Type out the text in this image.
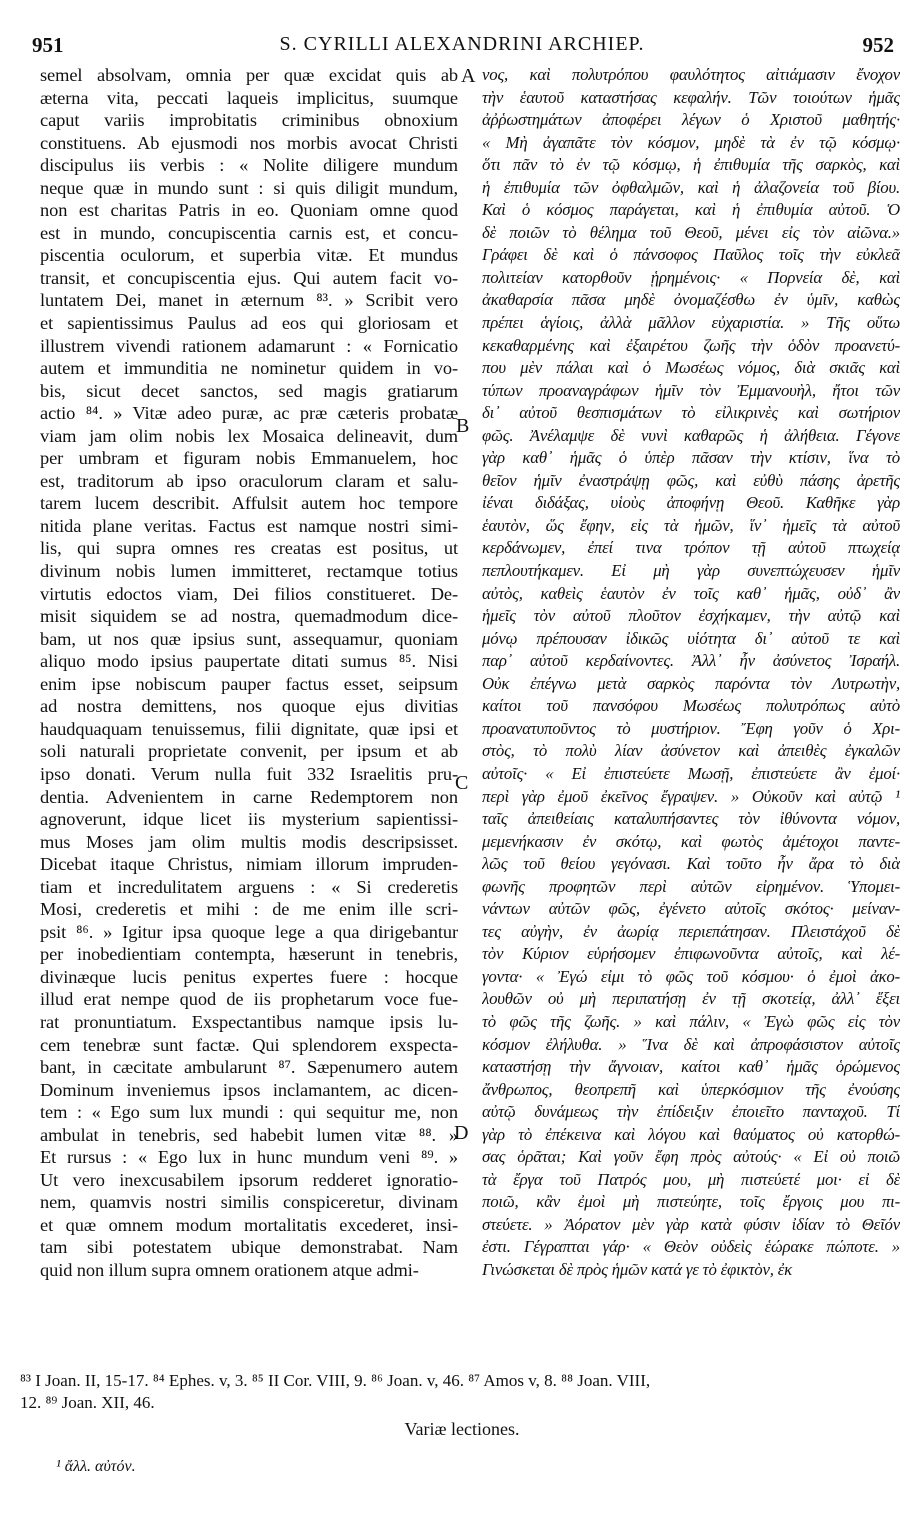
951	S. CYRILLI ALEXANDRINI ARCHIEP.	952
semel absolvam, omnia per quæ excidat quis ab
æterna vita, peccati laqueis implicitus, suumque
caput variis improbitatis criminibus obnoxium
constituens. Ab ejusmodi nos morbis avocat Christi
discipulus iis verbis : « Nolite diligere mundum
neque quæ in mundo sunt : si quis diligit mundum,
non est charitas Patris in eo. Quoniam omne quod
est in mundo, concupiscentia carnis est, et concu-
piscentia oculorum, et superbia vitæ. Et mundus
transit, et concupiscentia ejus. Qui autem facit vo-
luntatem Dei, manet in æternum ⁸³. » Scribit vero
et sapientissimus Paulus ad eos qui gloriosam et
illustrem vivendi rationem adamarunt : « Fornicatio
autem et immunditia ne nominetur quidem in vo-
bis, sicut decet sanctos, sed magis gratiarum
actio ⁸⁴. » Vitæ adeo puræ, ac præ cæteris probatæ
viam jam olim nobis lex Mosaica delineavit, dum
per umbram et figuram nobis Emmanuelem, hoc
est, traditorum ab ipso oraculorum claram et salu-
tarem lucem describit. Affulsit autem hoc tempore
nitida plane veritas. Factus est namque nostri simi-
lis, qui supra omnes res creatas est positus, ut
divinum nobis lumen immitteret, rectamque totius
virtutis edoctos viam, Dei filios constitueret. De-
misit siquidem se ad nostra, quemadmodum dice-
bam, ut nos quæ ipsius sunt, assequamur, quoniam
aliquo modo ipsius paupertate ditati sumus ⁸⁵. Nisi
enim ipse nobiscum pauper factus esset, seipsum
ad nostra demittens, nos quoque ejus divitias
haudquaquam tenuissemus, filii dignitate, quæ ipsi et
soli naturali proprietate convenit, per ipsum et ab
ipso donati. Verum nulla fuit 332 Israelitis pru-
dentia. Advenientem in carne Redemptorem non
agnoverunt, idque licet iis mysterium sapientissi-
mus Moses jam olim multis modis descripsisset.
Dicebat itaque Christus, nimiam illorum impruden-
tiam et incredulitatem arguens : « Si crederetis
Mosi, crederetis et mihi : de me enim ille scri-
psit ⁸⁶. » Igitur ipsa quoque lege a qua dirigebantur
per inobedientiam contempta, hæserunt in tenebris,
divinæque lucis penitus expertes fuere : hocque
illud erat nempe quod de iis prophetarum voce fue-
rat pronuntiatum. Exspectantibus namque ipsis lu-
cem tenebræ sunt factæ. Qui splendorem exspecta-
bant, in cæcitate ambularunt ⁸⁷. Sæpenumero autem
Dominum inveniemus ipsos inclamantem, ac dicen-
tem : « Ego sum lux mundi : qui sequitur me, non
ambulat in tenebris, sed habebit lumen vitæ ⁸⁸. »
Et rursus : « Ego lux in hunc mundum veni ⁸⁹. »
Ut vero inexcusabilem ipsorum redderet ignoratio-
nem, quamvis nostri similis conspiceretur, divinam
et quæ omnem modum mortalitatis excederet, insi-
tam sibi potestatem ubique demonstrabat. Nam
quid non illum supra omnem orationem atque admi-
νος, καὶ πολυτρόπου φαυλότητος αἰτιάμασιν ἔνοχον
τὴν ἑαυτοῦ καταστήσας κεφαλήν. Τῶν τοιούτων ἡμᾶς
ἀῤῥωστημάτων ἀποφέρει λέγων ὁ Χριστοῦ μαθητής·
« Μὴ ἀγαπᾶτε τὸν κόσμον, μηδὲ τὰ ἐν τῷ κόσμῳ·
ὅτι πᾶν τὸ ἐν τῷ κόσμῳ, ἡ ἐπιθυμία τῆς σαρκὸς, καὶ
ἡ ἐπιθυμία τῶν ὀφθαλμῶν, καὶ ἡ ἀλαζονεία τοῦ βίου.
Καὶ ὁ κόσμος παράγεται, καὶ ἡ ἐπιθυμία αὐτοῦ. Ὁ
δὲ ποιῶν τὸ θέλημα τοῦ Θεοῦ, μένει εἰς τὸν αἰῶνα.»
Γράφει δὲ καὶ ὁ πάνσοφος Παῦλος τοῖς τὴν εὐκλεᾶ
πολιτείαν κατορθοῦν ᾑρημένοις· « Πορνεία δὲ, καὶ
ἀκαθαρσία πᾶσα μηδὲ ὀνομαζέσθω ἐν ὑμῖν, καθὼς
πρέπει ἁγίοις, ἀλλὰ μᾶλλον εὐχαριστία. » Τῆς οὕτω
κεκαθαρμένης καὶ ἐξαιρέτου ζωῆς τὴν ὁδὸν προανετύ-
που μὲν πάλαι καὶ ὁ Μωσέως νόμος, διὰ σκιᾶς καὶ
τύπων προαναγράφων ἡμῖν τὸν Ἐμμανουὴλ, ἤτοι τῶν
δι᾽ αὐτοῦ θεσπισμάτων τὸ εἰλικρινὲς καὶ σωτήριον
φῶς. Ἀνέλαμψε δὲ νυνὶ καθαρῶς ἡ ἀλήθεια. Γέγονε
γὰρ καθ᾽ ἡμᾶς ὁ ὑπὲρ πᾶσαν τὴν κτίσιν, ἵνα τὸ
θεῖον ἡμῖν ἐναστράψῃ φῶς, καὶ εὐθὺ πάσης ἀρετῆς
ἰέναι διδάξας, υἱοὺς ἀποφήνῃ Θεοῦ. Καθῆκε γὰρ
ἑαυτὸν, ὥς ἔφην, εἰς τὰ ἡμῶν, ἵν᾽ ἡμεῖς τὰ αὐτοῦ
κερδάνωμεν, ἐπεί τινα τρόπον τῇ αὐτοῦ πτωχείᾳ
πεπλουτήκαμεν. Εἰ μὴ γὰρ συνεπτώχευσεν ἡμῖν
αὐτὸς, καθεὶς ἑαυτὸν ἐν τοῖς καθ᾽ ἡμᾶς, οὐδ᾽ ἂν
ἡμεῖς τὸν αὐτοῦ πλοῦτον ἐσχήκαμεν, τὴν αὐτῷ καὶ
μόνῳ πρέπουσαν ἰδικῶς υἱότητα δι᾽ αὐτοῦ τε καὶ
παρ᾽ αὐτοῦ κερδαίνοντες. Ἀλλ᾽ ἦν ἀσύνετος Ἰσραήλ.
Οὐκ ἐπέγνω μετὰ σαρκὸς παρόντα τὸν Λυτρωτὴν,
καίτοι τοῦ πανσόφου Μωσέως πολυτρόπως αὐτὸ
προανατυποῦντος τὸ μυστήριον. Ἔφη γοῦν ὁ Χρι-
στὸς, τὸ πολὺ λίαν ἀσύνετον καὶ ἀπειθὲς ἐγκαλῶν
αὐτοῖς· « Εἰ ἐπιστεύετε Μωσῇ, ἐπιστεύετε ἂν ἐμοί·
περὶ γὰρ ἐμοῦ ἐκεῖνος ἔγραψεν. » Οὐκοῦν καὶ αὐτῷ ¹
ταῖς ἀπειθείαις καταλυπήσαντες τὸν ἰθύνοντα νόμον,
μεμενήκασιν ἐν σκότῳ, καὶ φωτὸς ἀμέτοχοι παντε-
λῶς τοῦ θείου γεγόνασι. Καὶ τοῦτο ἦν ἄρα τὸ διὰ
φωνῆς προφητῶν περὶ αὐτῶν εἰρημένον. Ὑπομει-
νάντων αὐτῶν φῶς, ἐγένετο αὐτοῖς σκότος· μείναν-
τες αὐγὴν, ἐν ἀωρίᾳ περιεπάτησαν. Πλειστάχοῦ δὲ
τὸν Κύριον εὑρήσομεν ἐπιφωνοῦντα αὐτοῖς, καὶ λέ-
γοντα· « Ἐγώ εἰμι τὸ φῶς τοῦ κόσμου· ὁ ἐμοὶ ἀκο-
λουθῶν οὐ μὴ περιπατήσῃ ἐν τῇ σκοτείᾳ, ἀλλ᾽ ἕξει
τὸ φῶς τῆς ζωῆς. » καὶ πάλιν, « Ἐγὼ φῶς εἰς τὸν
κόσμον ἐλήλυθα. » Ἵνα δὲ καὶ ἀπροφάσιστον αὐτοῖς
καταστήσῃ τὴν ἄγνοιαν, καίτοι καθ᾽ ἡμᾶς ὁρώμενος
ἄνθρωπος, θεοπρεπῆ καὶ ὑπερκόσμιον τῆς ἐνούσης
αὐτῷ δυνάμεως τὴν ἐπίδειξιν ἐποιεῖτο πανταχοῦ. Τί
γὰρ τὸ ἐπέκεινα καὶ λόγου καὶ θαύματος οὐ κατορθώ-
σας ὁρᾶται; Καὶ γοῦν ἔφη πρὸς αὐτούς· « Εἰ οὐ ποιῶ
τὰ ἔργα τοῦ Πατρός μου, μὴ πιστεύετέ μοι· εἰ δὲ
ποιῶ, κἂν ἐμοὶ μὴ πιστεύητε, τοῖς ἔργοις μου πι-
στεύετε. » Ἀόρατον μὲν γὰρ κατὰ φύσιν ἰδίαν τὸ Θεῖόν
ἐστι. Γέγραπται γάρ· « Θεὸν οὐδεὶς ἑώρακε πώποτε. »
Γινώσκεται δὲ πρὸς ἡμῶν κατά γε τὸ ἐφικτὸν, ἐκ
A
B
C
D
⁸³ I Joan. II, 15-17. ⁸⁴ Ephes. v, 3. ⁸⁵ II Cor. VIII, 9. ⁸⁶ Joan. v, 46. ⁸⁷ Amos v, 8. ⁸⁸ Joan. VIII,
12. ⁸⁹ Joan. XII, 46.
Variæ lectiones.
¹ ἄλλ. αὐτόν.
